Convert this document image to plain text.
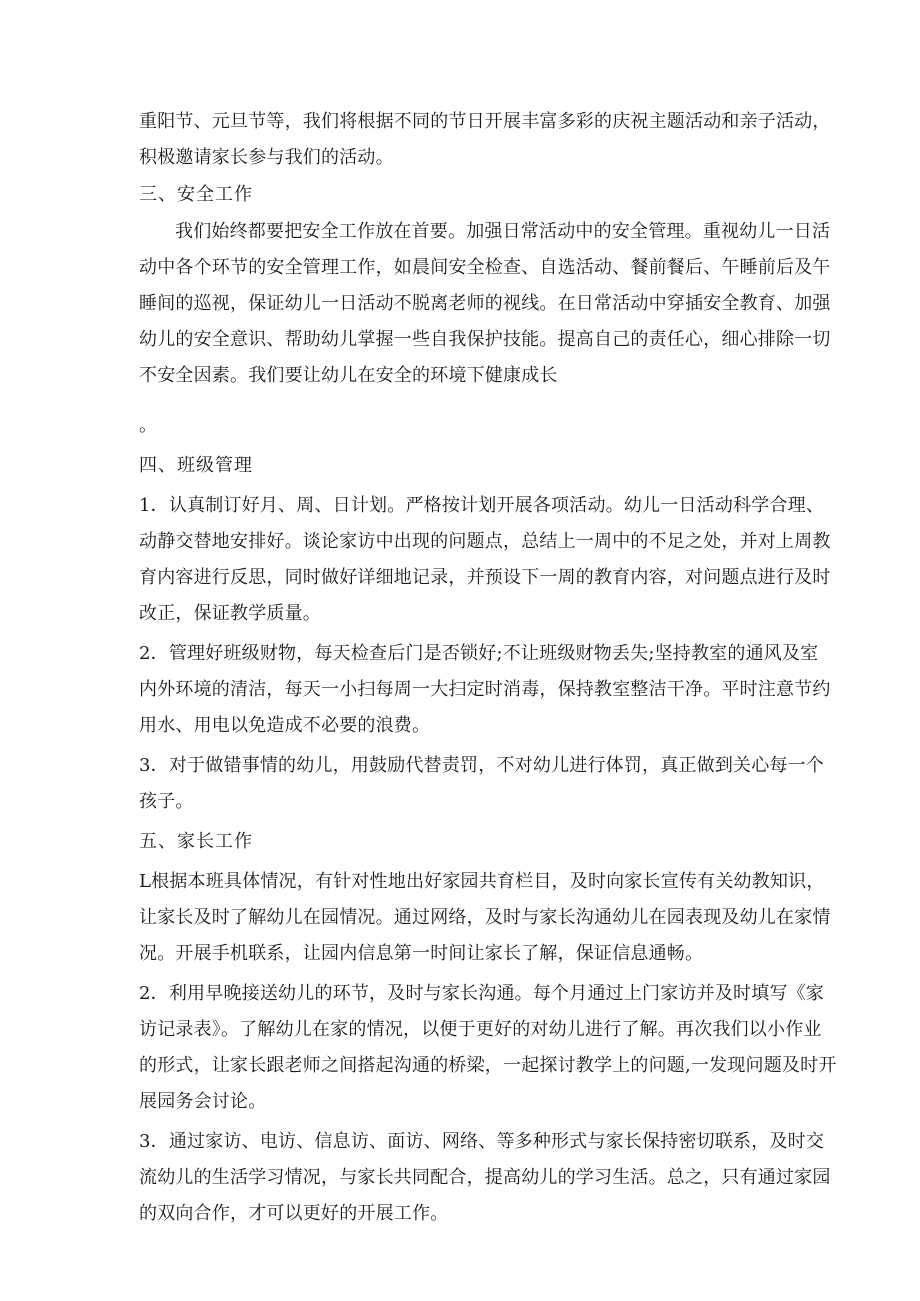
重阳节、元旦节等，我们将根据不同的节日开展丰富多彩的庆祝主题活动和亲子活动，

积极邀请家长参与我们的活动。

三、安全工作

我们始终都要把安全工作放在首要。加强日常活动中的安全管理。重视幼儿一日活

动中各个环节的安全管理工作，如晨间安全检查、自选活动、餐前餐后、午睡前后及午

睡间的巡视，保证幼儿一日活动不脱离老师的视线。在日常活动中穿插安全教育、加强

幼儿的安全意识、帮助幼儿掌握一些自我保护技能。提高自己的责任心，细心排除一切

不安全因素。我们要让幼儿在安全的环境下健康成长

。

四、班级管理

1．认真制订好月、周、日计划。严格按计划开展各项活动。幼儿一日活动科学合理、

动静交替地安排好。谈论家访中出现的问题点，总结上一周中的不足之处，并对上周教

育内容进行反思，同时做好详细地记录，并预设下一周的教育内容，对问题点进行及时

改正，保证教学质量。

2．管理好班级财物，每天检查后门是否锁好;不让班级财物丢失;坚持教室的通风及室

内外环境的清洁，每天一小扫每周一大扫定时消毒，保持教室整洁干净。平时注意节约

用水、用电以免造成不必要的浪费。

3．对于做错事情的幼儿，用鼓励代替责罚，不对幼儿进行体罚，真正做到关心每一个

孩子。

五、家长工作

L根据本班具体情况，有针对性地出好家园共育栏目，及时向家长宣传有关幼教知识，

让家长及时了解幼儿在园情况。通过网络，及时与家长沟通幼儿在园表现及幼儿在家情

况。开展手机联系，让园内信息第一时间让家长了解，保证信息通畅。

2．利用早晚接送幼儿的环节，及时与家长沟通。每个月通过上门家访并及时填写《家

访记录表》。了解幼儿在家的情况，以便于更好的对幼儿进行了解。再次我们以小作业

的形式，让家长跟老师之间搭起沟通的桥梁，一起探讨教学上的问题,一发现问题及时开

展园务会讨论。

3．通过家访、电访、信息访、面访、网络、等多种形式与家长保持密切联系，及时交

流幼儿的生活学习情况，与家长共同配合，提高幼儿的学习生活。总之，只有通过家园

的双向合作，才可以更好的开展工作。
